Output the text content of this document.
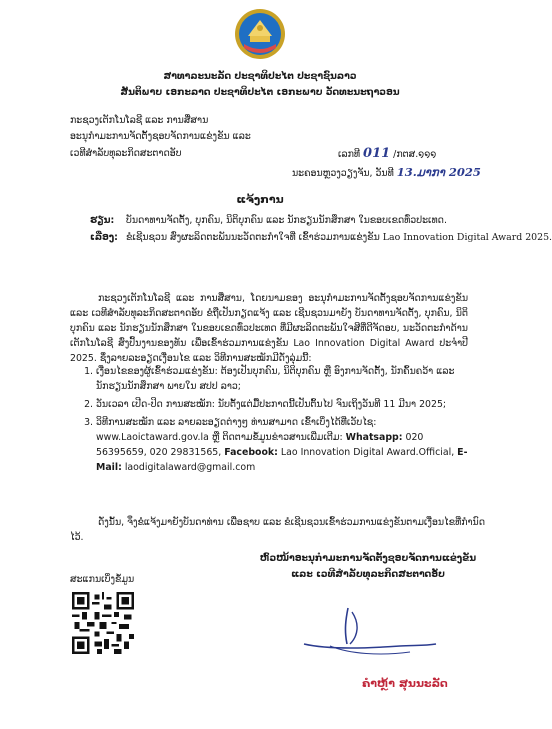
ສາທາລະນະລັດ ປະຊາທິປະໄຕ ປະຊາຊົນລາວ
ສັນຕິພາບ ເອກະລາດ ປະຊາທິປະໄຕ ເອກະພາບ ວັດທະນະຖາວອນ
ກະຊວງເຕັກໂນໂລຊີ ແລະ ການສື່ສານ
ອະນຸກຳມະການຈັດຕັ້ງຊອບຈັດການແຂ່ງຂັນ ແລະ
ເວທີສໍາລັບທຸລະກິດສະຕາດອັບ	ເລກທີ 011 /ກຕສ.໑໑໑
ນະຄອນຫຼວງວຽງຈັນ, ວັນທີ 13.ມາກາ 2025
ແຈ້ງການ
ຮຽນ: ບັນດາທານຈັດຕັ້ງ, ບຸກຄົນ, ນິຕິບຸກຄົນ ແລະ ນັກຮຽນນັກສຶກສາ ໃນຂອບເຂດທົ່ວປະເທດ.
ເລື່ອງ: ຂໍເຊີນຊວນ ສົ່ງຜະລິດຕະພັນນະວັດຕະກໍາໃຈທີ່ ເຂົ້າຮ່ວມການແຂ່ງຂັນ Lao Innovation Digital Award 2025.
ກະຊວງເຕັກໂນໂລຊີ ແລະ ການສື່ສານ, ໂດຍນາມຂອງ ອະນຸກຳມະການຈັດຕັ້ງຊອບຈັດການແຂ່ງຂັນ ແລະ ເວທີສໍາລັບທຸລະກິດສະຕາດອັບ ຂໍຖືເປັນກຽດແຈ້ງ ແລະ ເຊີນຊວນມາຍັງ ບັນດາທານຈັດຕັ້ງ, ບຸກຄົນ, ນິຕິບຸກຄົນ ແລະ ນັກຮຽນນັກສຶກສາ ໃນຂອບເຂດທົ່ວປະເທດ ທີ່ມີຜະລິດຕະພັນໃຈສີທີ່ດີຈັດອບ, ນະວັດຕະກໍາດ້ານເຕັກໂນໂລຊີ ສົ່ງປົ້ນງານຂອງທັນ ເພື່ອເຂົ້າຮ່ວມການແຂ່ງຂັນ Lao Innovation Digital Award ປະຈຳປີ 2025. ຊຶ່ງລາຍລະອຽດເງື່ອນໄຂ ແລະ ວິທີການສະໝັກມີດັ່ງລຸ່ມນີ້:
1. ເງື່ອນໄຂຂອງຜູ້ເຂົ້າຮ່ວມແຂ່ງຂັນ: ຕ້ອງເປັນບຸກຄົນ, ນິຕິບຸກຄົນ ຫຼື ອົງການຈັດຕັ້ງ, ນັກຄົ້ນຄວ້າ ແລະ ນັກຮຽນນັກສຶກສາ ພາຍໃນ ສປປ ລາວ;
2. ວັນເວລາ ເປີດ-ປິດ ການສະໝັກ: ນັບຕັ້ງແຕ່ມື້ປະກາດນີ້ເປັນຕົ້ນໄປ ຈົນເຖິງວັນທີ 11 ມີນາ 2025;
3. ວິທີການສະໝັກ ແລະ ລາຍລະອຽດຕ່າງໆ ທ່ານສາມາດ ເຂົ້າເບິ່ງໄດ້ທີ່ເວັບໄຊ: www.Laoictaward.gov.la ຫຼື ຕິດຕາມຂໍ້ມູນຂ່າວສານເພີ່ມເຕີມ: Whatsapp: 020 56395659, 020 29831565, Facebook: Lao Innovation Digital Award.Official, E-Mail: laodigitalaward@gmail.com
ດັ່ງນັ້ນ, ຈຶ່ງຂໍແຈ້ງມາຍັງບັນດາທ່ານ ເພື່ອຊາບ ແລະ ຂໍເຊີນຊວນເຂົ້າຮ່ວມການແຂ່ງຂັນຕາມເງື່ອນໄຂທີ່ກໍານົດໄວ້.
ຫົວໜ້າອະນຸກຳມະການຈັດຕັ້ງຊອບຈັດການແຂ່ງຂັນ
ແລະ ເວທີສໍາລັບທຸລະກິດສະຕາດອັບ
ສະແກນເບິ່ງຂໍ້ມູນ
ຄຳຫຼ້າ ສຸນນະລັດ
